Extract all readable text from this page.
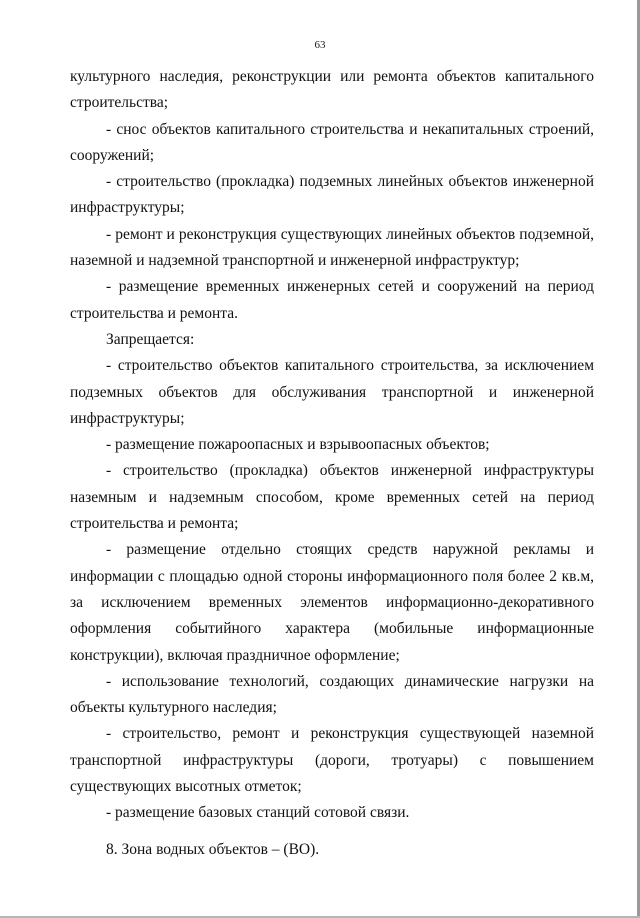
63

культурного наследия, реконструкции или ремонта объектов капитального строительства;

- снос объектов капитального строительства и некапитальных строений, сооружений;

- строительство (прокладка) подземных линейных объектов инженерной инфраструктуры;

- ремонт и реконструкция существующих линейных объектов подземной, наземной и надземной транспортной и инженерной инфраструктур;

- размещение временных инженерных сетей и сооружений на период строительства и ремонта.

Запрещается:

- строительство объектов капитального строительства, за исключением подземных объектов для обслуживания транспортной и инженерной инфраструктуры;

- размещение пожароопасных и взрывоопасных объектов;

- строительство (прокладка) объектов инженерной инфраструктуры наземным и надземным способом, кроме временных сетей на период строительства и ремонта;

- размещение отдельно стоящих средств наружной рекламы и информации с площадью одной стороны информационного поля более 2 кв.м, за исключением временных элементов информационно-декоративного оформления событийного характера (мобильные информационные конструкции), включая праздничное оформление;

- использование технологий, создающих динамические нагрузки на объекты культурного наследия;

- строительство, ремонт и реконструкция существующей наземной транспортной инфраструктуры (дороги, тротуары) с повышением существующих высотных отметок;

- размещение базовых станций сотовой связи.

8. Зона водных объектов – (ВО).
